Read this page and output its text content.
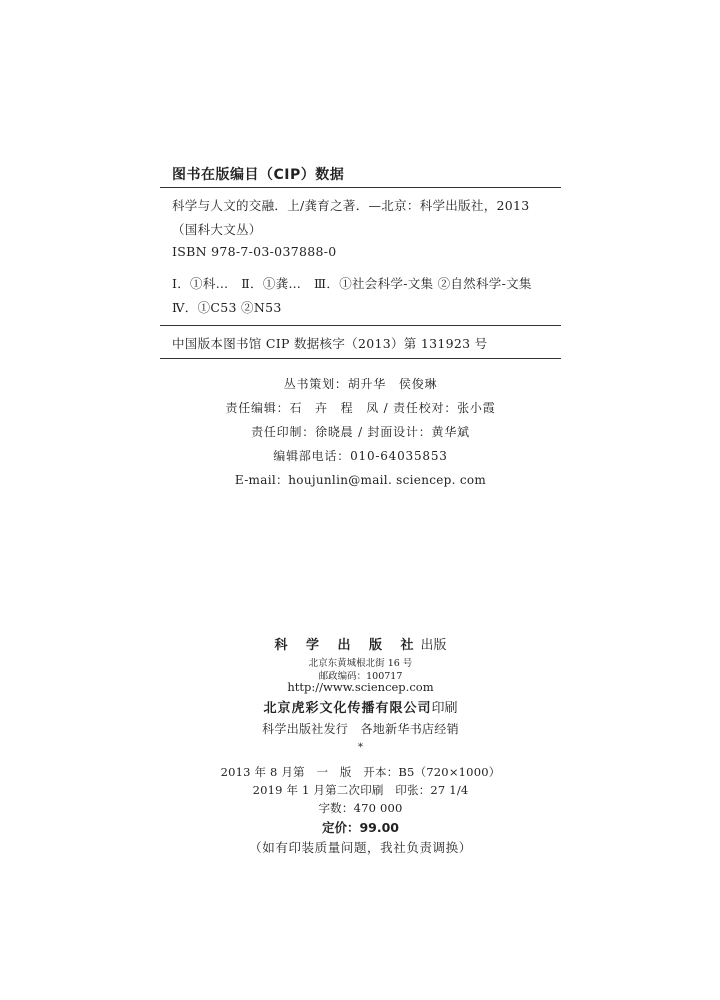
图书在版编目（CIP）数据
科学与人文的交融．上/龚育之著．—北京：科学出版社，2013
（国科大文丛）
ISBN 978-7-03-037888-0
Ⅰ．①科…　Ⅱ．①龚…　Ⅲ．①社会科学-文集 ②自然科学-文集
Ⅳ．①C53 ②N53
中国版本图书馆 CIP 数据核字（2013）第 131923 号
丛书策划：胡升华　侯俊琳
责任编辑：石　卉　程　凤 / 责任校对：张小霞
责任印制：徐晓晨 / 封面设计：黄华斌
编辑部电话：010-64035853
E-mail：houjunlin@mail. sciencep. com
科 学 出 版 社出版
北京东黄城根北街 16 号
邮政编码：100717
http://www.sciencep.com
北京虎彩文化传播有限公司印刷
科学出版社发行　各地新华书店经销
*
2013 年 8 月第　一　版　开本：B5（720×1000）
2019 年 1 月第二次印刷　印张：27 1/4
字数：470 000
定价：99.00
（如有印装质量问题，我社负责调换）
